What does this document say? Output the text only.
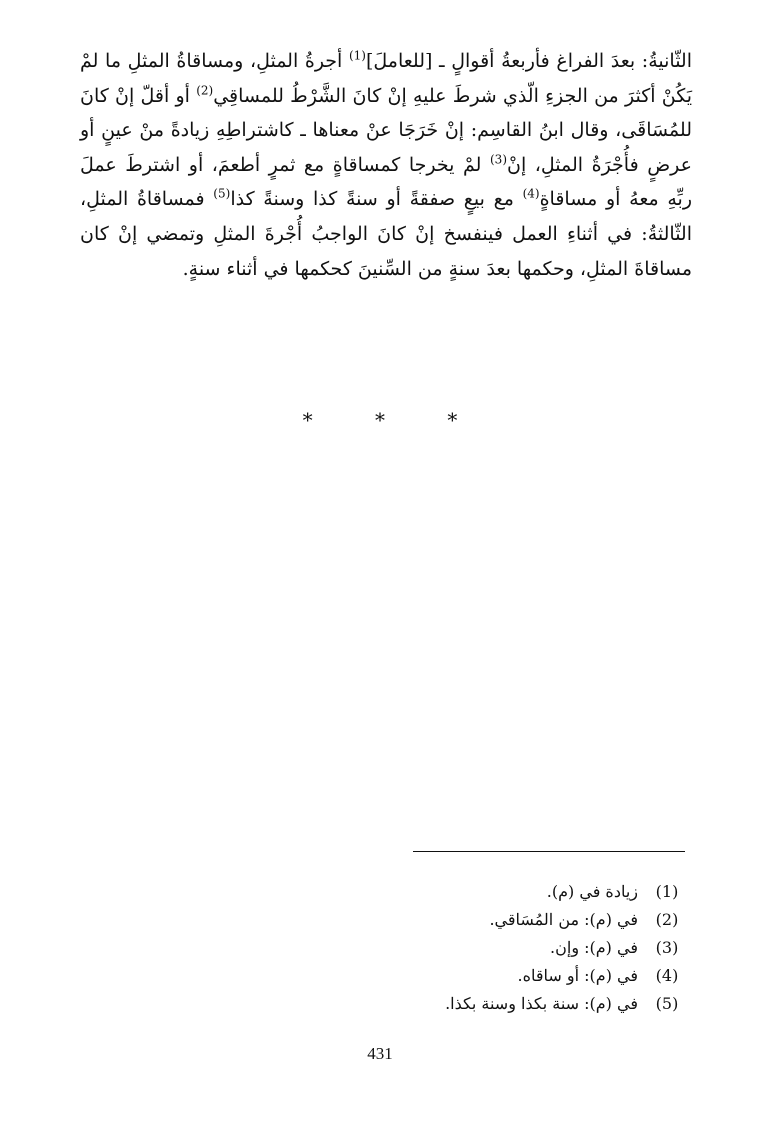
الثّانيةُ: بعدَ الفراغ فأربعةُ أقوالٍ ـ [للعاملَ]$^{(1)}$ أجرةُ المثلِ، ومساقاةُ المثلِ ما لمْ يَكُنْ أكثرَ من الجزءِ الّذي شرطَ عليهِ إنْ كانَ الشَّرْطُ للمساقِي$^{(2)}$ أو أقلّ إنْ كانَ للمُسَاقَى، وقال ابنُ القاسِم: إنْ خَرَجَا عنْ معناها ـ كاشتراطِهِ زيادةً منْ عينٍ أو عرضٍ فأُجْرَةُ المثلِ، إنْ$^{(3)}$ لمْ يخرجا كمساقاةٍ مع ثمرٍ أطعمَ، أو اشترطَ عملَ ربِّهِ معهُ أو مساقاةٍ$^{(4)}$ مع بيعٍ صفقةً أو سنةً كذا وسنةً كذا$^{(5)}$ فمساقاةُ المثلِ، الثّالثةُ: في أثناءِ العمل فينفسخ إنْ كانَ الواجبُ أُجْرةَ المثلِ وتمضي إنْ كان مساقاةَ المثلِ، وحكمها بعدَ سنةٍ من السِّنينَ كحكمها في أثناء سنةٍ.

* * *
(1)
زيادة في (م).
(2)
في (م): من المُسَاقي.
(3)
في (م): وإن.
(4)
في (م): أو ساقاه.
(5)
في (م): سنة بكذا وسنة بكذا.
431
